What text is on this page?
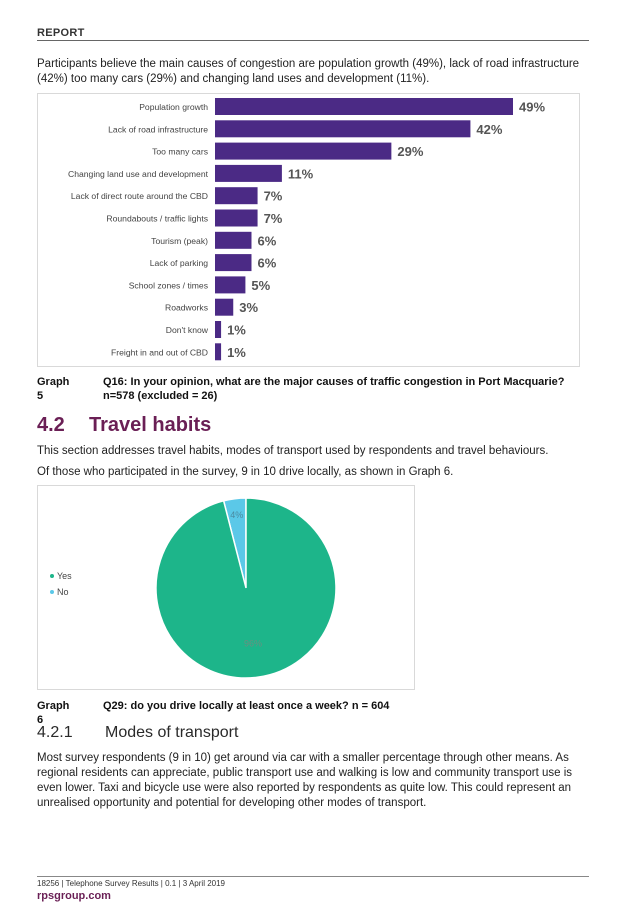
REPORT
Participants believe the main causes of congestion are population growth (49%), lack of road infrastructure (42%) too many cars (29%) and changing land uses and development (11%).
Population growth	49%
Lack of road infrastructure	42%
Too many cars	29%
Changing land use and development	11%
Lack of direct route around the CBD	7%
Roundabouts / traffic lights	7%
Tourism (peak)	6%
Lack of parking	6%
School zones / times	5%
Roadworks 3%
Don't know 1%
Freight in and out of CBD 1%
Graph 5
Q16: In your opinion, what are the major causes of traffic congestion in Port Macquarie? n=578 (excluded = 26)
4.2 Travel habits
This section addresses travel habits, modes of transport used by respondents and travel behaviours.
Of those who participated in the survey, 9 in 10 drive locally, as shown in Graph 6.
4%
96%
Yes
No
Graph 6
Q29: do you drive locally at least once a week? n = 604
4.2.1 Modes of transport
Most survey respondents (9 in 10) get around via car with a smaller percentage through other means. As regional residents can appreciate, public transport use and walking is low and community transport use is even lower. Taxi and bicycle use were also reported by respondents as quite low. This could represent an unrealised opportunity and potential for developing other modes of transport.
18256 | Telephone Survey Results | 0.1 | 3 April 2019
rpsgroup.com
